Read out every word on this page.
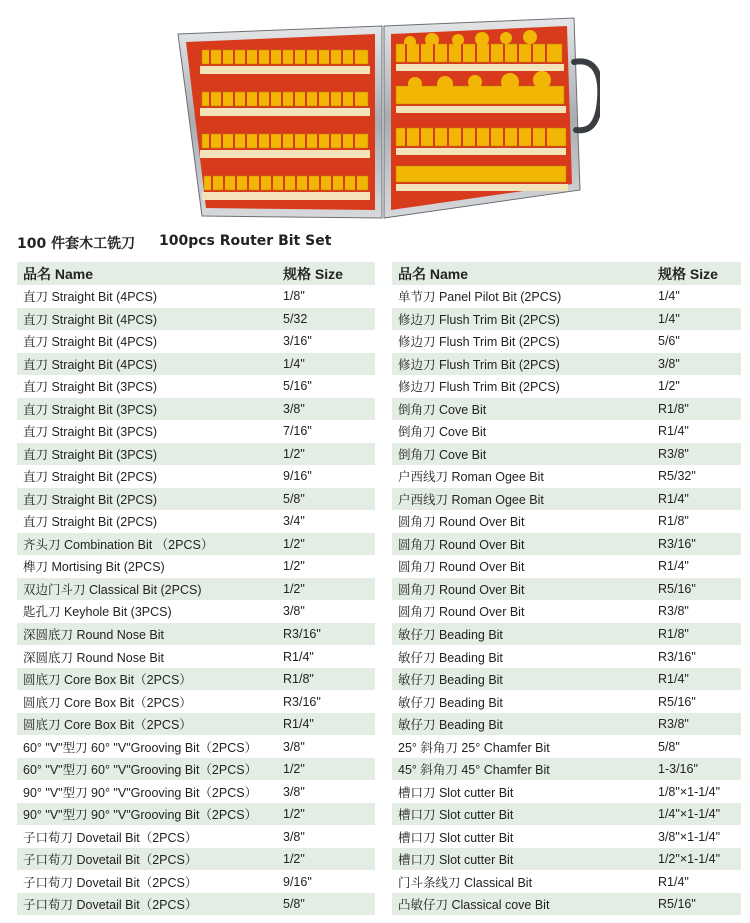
100 件套木工铣刀 100pcs Router Bit Set
品名 Name	规格 Size
直刀 Straight Bit (4PCS)	1/8"
直刀 Straight Bit (4PCS)	5/32
直刀 Straight Bit (4PCS)	3/16"
直刀 Straight Bit (4PCS)	1/4"
直刀 Straight Bit (3PCS)	5/16"
直刀 Straight Bit (3PCS)	3/8"
直刀 Straight Bit (3PCS)	7/16"
直刀 Straight Bit (3PCS)	1/2"
直刀 Straight Bit (2PCS)	9/16"
直刀 Straight Bit (2PCS)	5/8"
直刀 Straight Bit (2PCS)	3/4"
齐头刀 Combination Bit （2PCS）	1/2"
榫刀 Mortising Bit (2PCS)	1/2"
双边门斗刀 Classical Bit (2PCS)	1/2"
匙孔刀 Keyhole Bit (3PCS)	3/8"
深圆底刀 Round Nose Bit	R3/16"
深圆底刀 Round Nose Bit	R1/4"
圆底刀 Core Box Bit（2PCS）	R1/8"
圆底刀 Core Box Bit（2PCS）	R3/16"
圆底刀 Core Box Bit（2PCS）	R1/4"
60° "V"型刀 60° "V"Grooving Bit（2PCS）	3/8"
60° "V"型刀 60° "V"Grooving Bit（2PCS）	1/2"
90° "V"型刀 90° "V"Grooving Bit（2PCS）	3/8"
90° "V"型刀 90° "V"Grooving Bit（2PCS）	1/2"
子口荀刀 Dovetail Bit（2PCS）	3/8"
子口荀刀 Dovetail Bit（2PCS）	1/2"
子口荀刀 Dovetail Bit（2PCS）	9/16"
子口荀刀 Dovetail Bit（2PCS）	5/8"
品名 Name	规格 Size
单节刀 Panel Pilot Bit (2PCS)	1/4"
修边刀 Flush Trim Bit (2PCS)	1/4"
修边刀 Flush Trim Bit (2PCS)	5/6"
修边刀 Flush Trim Bit (2PCS)	3/8"
修边刀 Flush Trim Bit (2PCS)	1/2"
倒角刀 Cove Bit	R1/8"
倒角刀 Cove Bit	R1/4"
倒角刀 Cove Bit	R3/8"
户西线刀 Roman Ogee Bit	R5/32"
户西线刀 Roman Ogee Bit	R1/4"
圆角刀 Round Over Bit	R1/8"
圆角刀 Round Over Bit	R3/16"
圆角刀 Round Over Bit	R1/4"
圆角刀 Round Over Bit	R5/16"
圆角刀 Round Over Bit	R3/8"
敏仔刀 Beading Bit	R1/8"
敏仔刀 Beading Bit	R3/16"
敏仔刀 Beading Bit	R1/4"
敏仔刀 Beading Bit	R5/16"
敏仔刀 Beading Bit	R3/8"
25° 斜角刀 25° Chamfer Bit	5/8"
45° 斜角刀 45° Chamfer Bit	1-3/16"
槽口刀 Slot cutter Bit	1/8"×1-1/4"
槽口刀 Slot cutter Bit	1/4"×1-1/4"
槽口刀 Slot cutter Bit	3/8"×1-1/4"
槽口刀 Slot cutter Bit	1/2"×1-1/4"
门斗条线刀 Classical Bit	R1/4"
凸敏仔刀 Classical cove Bit	R5/16"
